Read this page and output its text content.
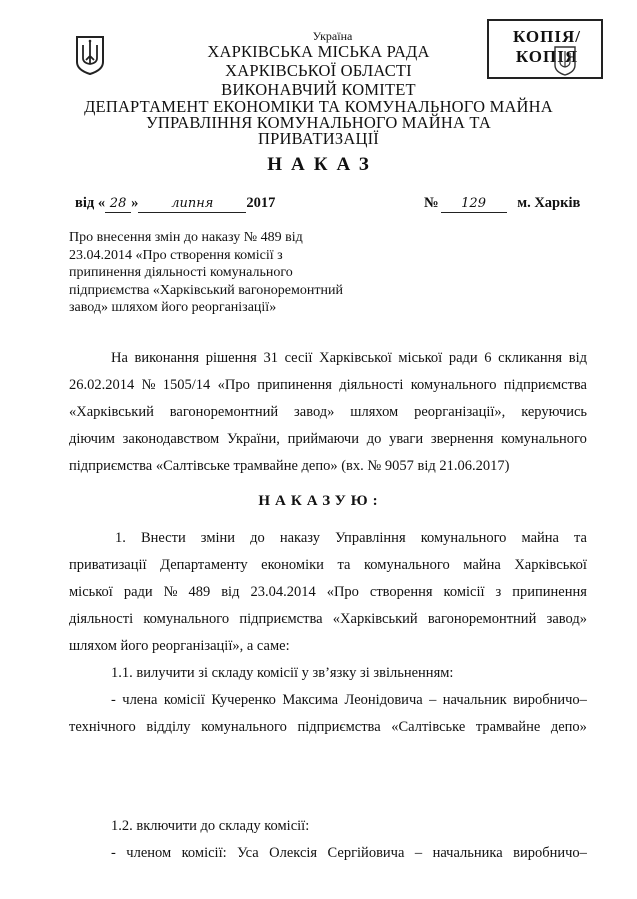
Україна
ХАРКІВСЬКА МІСЬКА РАДА
ХАРКІВСЬКОЇ ОБЛАСТІ
ВИКОНАВЧИЙ КОМІТЕТ
ДЕПАРТАМЕНТ ЕКОНОМІКИ ТА КОМУНАЛЬНОГО МАЙНА
УПРАВЛІННЯ КОМУНАЛЬНОГО МАЙНА ТА
ПРИВАТИЗАЦІЇ
КОПІЯ/
КОПІЯ
НАКАЗ
від « 28 »	липня 2017	№ 129 м. Харків
Про внесення змін до наказу № 489 від
23.04.2014 «Про створення комісії з
припинення діяльності комунального
підприємства «Харківський вагоноремонтний
завод» шляхом його реорганізації»
На виконання рішення 31 сесії Харківської міської ради 6 скликання від
26.02.2014 № 1505/14 «Про припинення діяльності комунального підприємства
«Харківський вагоноремонтний завод» шляхом реорганізації», керуючись
діючим законодавством України, приймаючи до уваги звернення комунального
підприємства «Салтівське трамвайне депо» (вх. № 9057 від 21.06.2017)
НАКАЗУЮ:
1. Внести зміни до наказу Управління комунального майна та
приватизації Департаменту економіки та комунального майна Харківської
міської ради № 489 від 23.04.2014 «Про створення комісії з припинення
діяльності комунального підприємства «Харківський вагоноремонтний завод»
шляхом його реорганізації», а саме:
1.1. вилучити зі складу комісії у зв’язку зі звільненням:
- члена комісії Кучеренко Максима Леонідовича – начальник виробничо–
технічного відділу комунального підприємства «Салтівське трамвайне депо»
1.2. включити до складу комісії:
- членом комісії: Уса Олексія Сергійовича – начальника виробничо–
